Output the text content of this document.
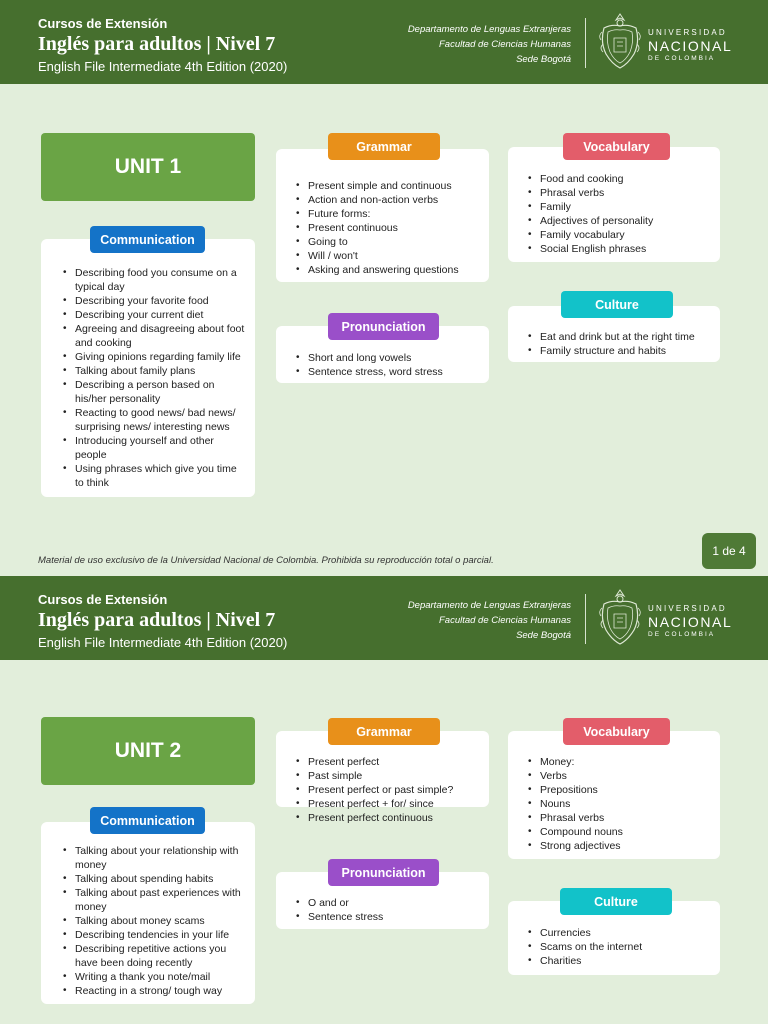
Cursos de Extensión
Inglés para adultos | Nivel 7
English File Intermediate 4th Edition (2020)
Departamento de Lenguas Extranjeras
Facultad de Ciencias Humanas
Sede Bogotá
UNIVERSIDAD
NACIONAL
DE COLOMBIA
UNIT 1
• Present simple and continuous
• Action and non-action verbs
• Future forms:
• Present continuous
• Going to
• Will / won't
• Asking and answering questions
Grammar
• Food and cooking
• Phrasal verbs
• Family
• Adjectives of personality
• Family vocabulary
• Social English phrases
Vocabulary
• Describing food you consume on a typical day
• Describing your favorite food
• Describing your current diet
• Agreeing and disagreeing about foot and cooking
• Giving opinions regarding family life
• Talking about family plans
• Describing a person based on his/her personality
• Reacting to good news/ bad news/ surprising news/ interesting news
• Introducing yourself and other people
• Using phrases which give you time to think
Communication
• Short and long vowels
• Sentence stress, word stress
Pronunciation
• Eat and drink but at the right time
• Family structure and habits
Culture
Material de uso exclusivo de la Universidad Nacional de Colombia. Prohibida su reproducción total o parcial.
1 de 4
Cursos de Extensión
Inglés para adultos | Nivel 7
English File Intermediate 4th Edition (2020)
Departamento de Lenguas Extranjeras
Facultad de Ciencias Humanas
Sede Bogotá
UNIVERSIDAD
NACIONAL
DE COLOMBIA
UNIT 2
•	Present perfect
• Past simple
• Present perfect or past simple?
• Present perfect + for/ since
• Present perfect continuous
Grammar
• Money:
• Verbs
• Prepositions
• Nouns
• Phrasal verbs
• Compound nouns
• Strong adjectives
Vocabulary
• Talking about your relationship with money
• Talking about spending habits
• Talking about past experiences with money
• Talking about money scams
• Describing tendencies in your life
• Describing repetitive actions you have been doing recently
• Writing a thank you note/mail
• Reacting in a strong/ tough way
Communication
• O and or
• Sentence stress
Pronunciation
• Currencies
• Scams on the internet
• Charities
Culture
